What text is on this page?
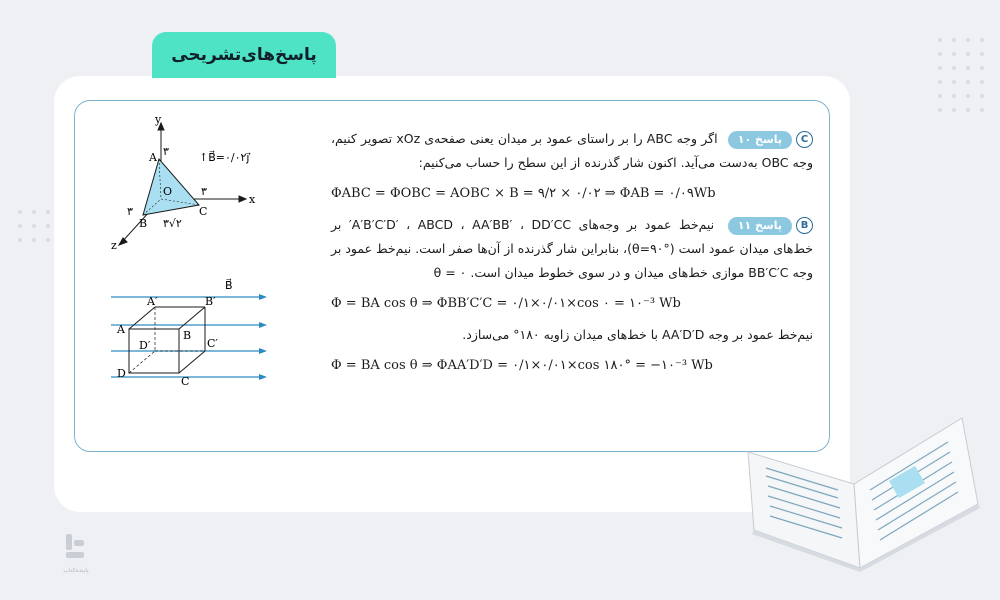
پاسخ‌های‌تشریحی
y
x
z
O
A ۳
B
۳	C
۳
۳√۲
↑B⃗=۰/۰۲j⃗
B⃗
A′	B′
A	B
D′	C′
D
C
C
پاسخ ۱۰
اگر وجه ABC را بر راستای عمود بر میدان یعنی صفحه‌ی xOz تصویر کنیم، وجه OBC به‌دست می‌آید. اکنون شار گذرنده از این سطح را حساب می‌کنیم:
ΦABC = ΦOBC = AOBC × B = ۹/۲ × ۰/۰۲ ⇒ ΦAB = ۰/۰۹Wb
B
پاسخ ۱۱
نیم‌خط عمود بر وجه‌های A′B′C′D′ ، ABCD ، AA′BB′ ، DD′CC′ بر خط‌های میدان عمود است (θ=۹۰°)، بنابراین شار گذرنده از آن‌ها صفر است. نیم‌خط عمود بر وجه BB′C′C موازی خط‌های میدان و در سوی خطوط میدان است. θ = ۰
Φ = BA cos θ ⇒ ΦBB′C′C = ۰/۱×۰/۰۱×cos ۰ = ۱۰⁻³ Wb
نیم‌خط عمود بر وجه AA′D′D با خط‌های میدان زاویه ۱۸۰° می‌سازد.
Φ = BA cos θ ⇒ ΦAA′D′D = ۰/۱×۰/۰۱×cos ۱۸۰° = −۱۰⁻³ Wb
پاینده‌کتاب
